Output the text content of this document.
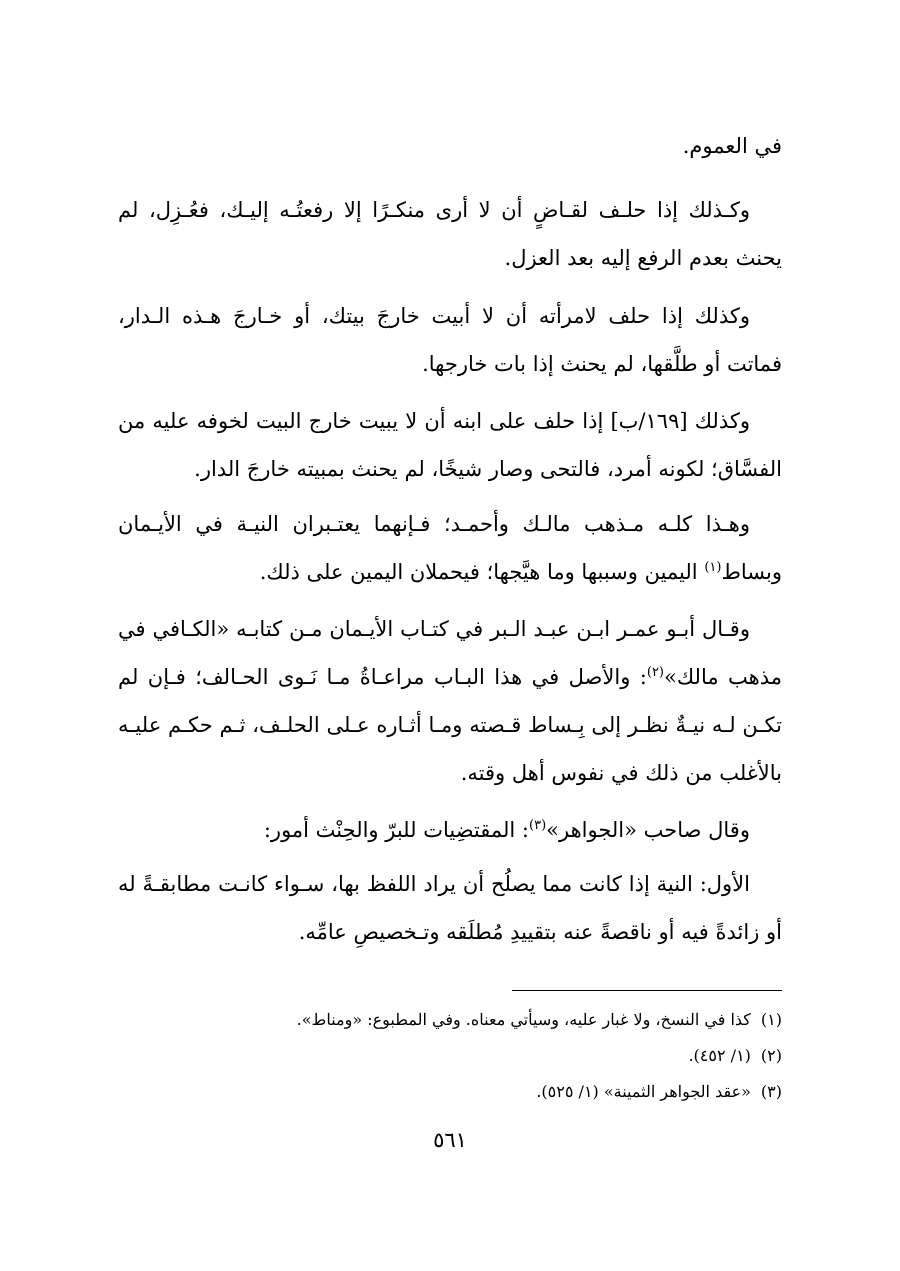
في العموم.

وكـذلك إذا حلـف لقـاضٍ أن لا أرى منكـرًا إلا رفعتُـه إليـك، فعُـزِل، لم يحنث بعدم الرفع إليه بعد العزل.

وكذلك إذا حلف لامرأته أن لا أبيت خارجَ بيتك، أو خـارجَ هـذه الـدار، فماتت أو طلَّقها، لم يحنث إذا بات خارجها.

وكذلك [١٦٩/ب] إذا حلف على ابنه أن لا يبيت خارج البيت لخوفه عليه من الفسَّاق؛ لكونه أمرد، فالتحى وصار شيخًا، لم يحنث بمبيته خارجَ الدار.

وهـذا كلـه مـذهب مالـك وأحمـد؛ فـإنهما يعتـبران النيـة في الأيـمان وبساط$^{(١)}$ اليمين وسببها وما هيَّجها؛ فيحملان اليمين على ذلك.

وقـال أبـو عمـر ابـن عبـد الـبر في كتـاب الأيـمان مـن كتابـه «الكـافي في مذهب مالك»$^{(٢)}$: والأصل في هذا البـاب مراعـاةُ مـا نَـوى الحـالف؛ فـإن لم تكـن لـه نيـةٌ نظـر إلى بِـساط قـصته ومـا أثـاره عـلى الحلـف، ثـم حكـم عليـه بالأغلب من ذلك في نفوس أهل وقته.

وقال صاحب «الجواهر»$^{(٣)}$: المقتضِيات للبرّ والحِنْث أمور:

الأول: النية إذا كانت مما يصلُح أن يراد اللفظ بها، سـواء كانـت مطابقـةً له أو زائدةً فيه أو ناقصةً عنه بتقييدِ مُطلَقه وتـخصيصِ عامِّه.

(١)كذا في النسخ، ولا غبار عليه، وسيأتي معناه. وفي المطبوع: «ومناط».

(٢)(١/ ٤٥٢).

(٣)«عقد الجواهر الثمينة» (١/ ٥٢٥).

٥٦١
